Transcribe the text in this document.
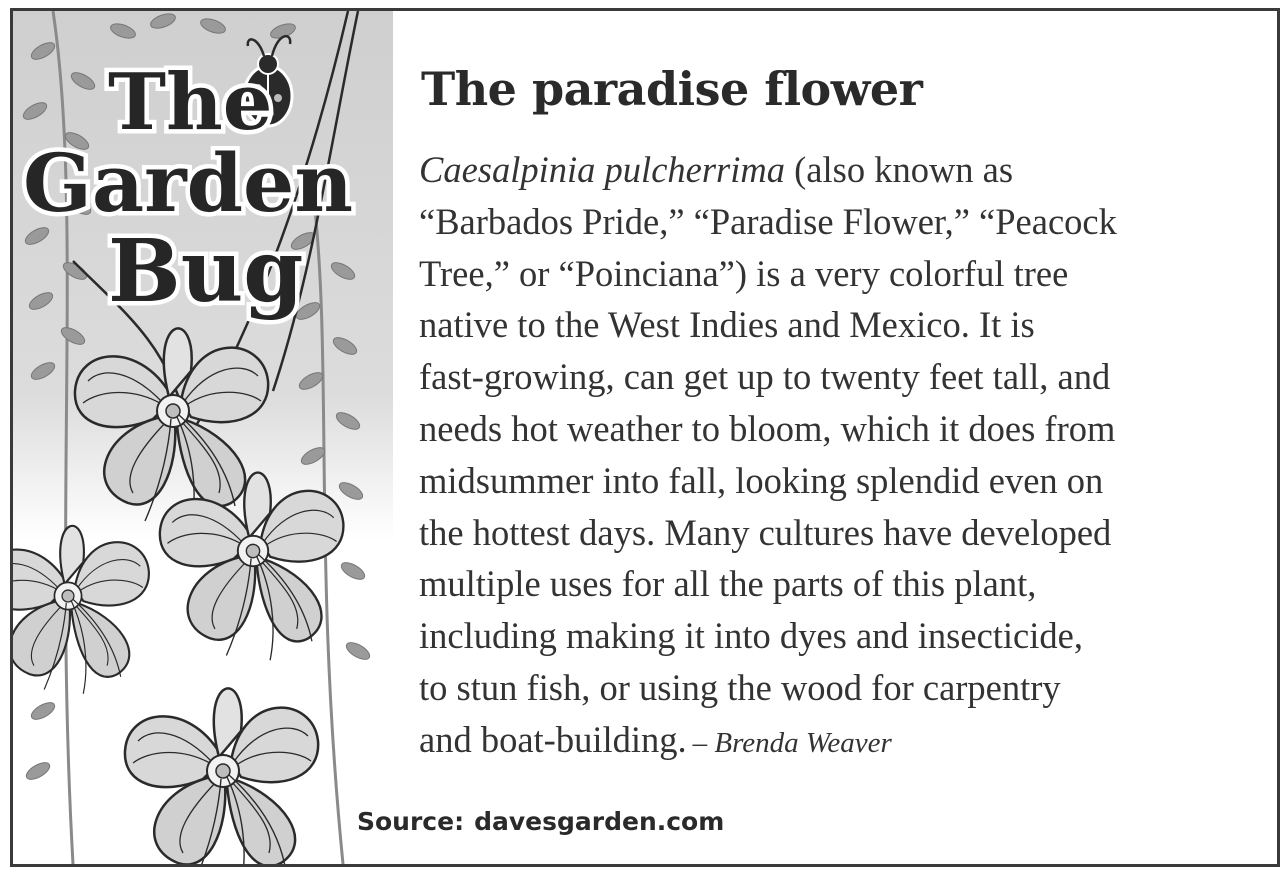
The
Garden
Bug
The paradise flower

Caesalpinia pulcherrima (also known as
“Barbados Pride,” “Paradise Flower,” “Peacock
Tree,” or “Poinciana”) is a very colorful tree
native to the West Indies and Mexico. It is
fast-growing, can get up to twenty feet tall, and
needs hot weather to bloom, which it does from
midsummer into fall, looking splendid even on
the hottest days. Many cultures have developed
multiple uses for all the parts of this plant,
including making it into dyes and insecticide,
to stun fish, or using the wood for carpentry
and boat-building. – Brenda Weaver

Source: davesgarden.com
